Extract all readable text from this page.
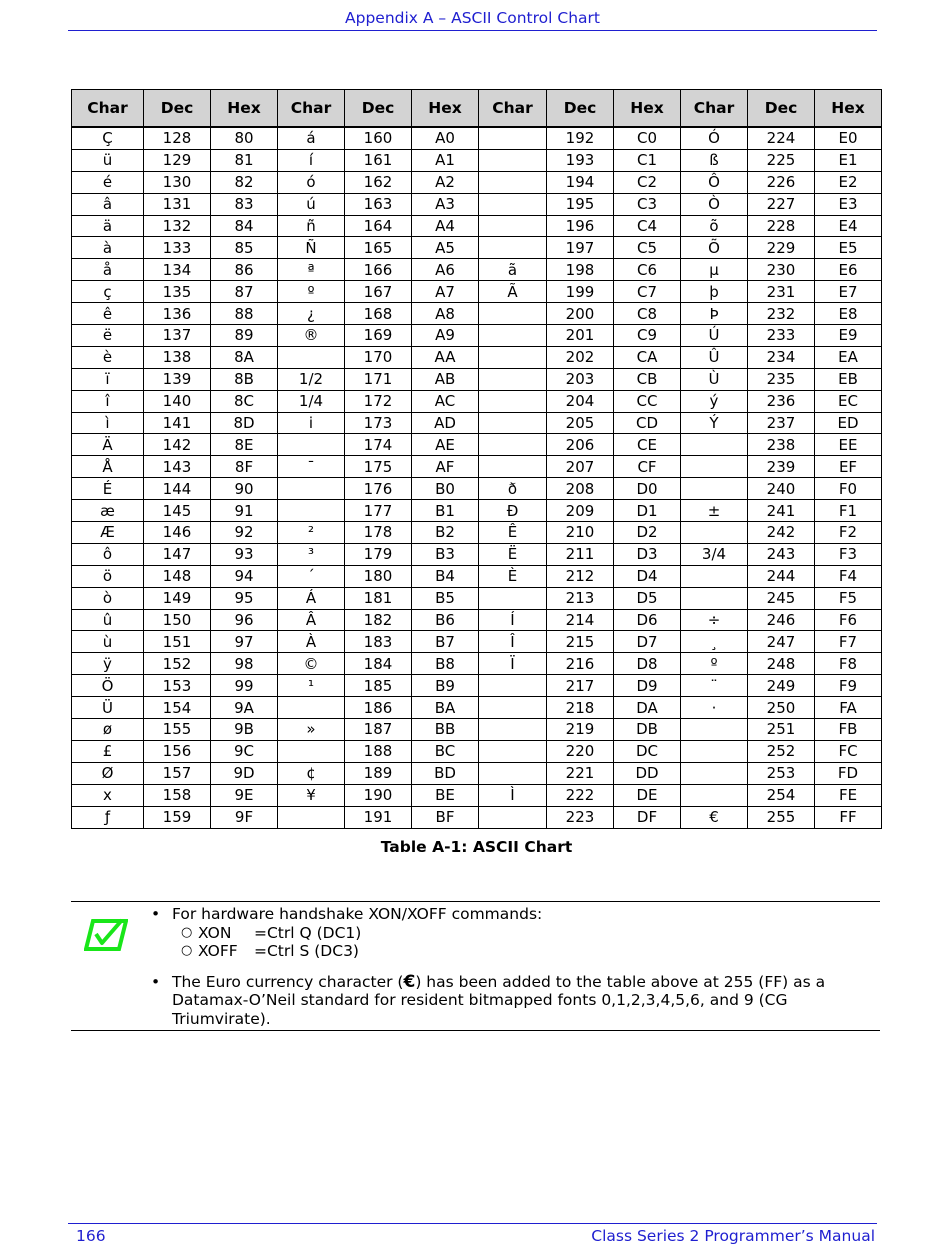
Appendix A – ASCII Control Chart
Char	Dec	Hex	Char	Dec	Hex	Char	Dec	Hex	Char	Dec	Hex
Ç	128	80	á	160	A0		192	C0	Ó	224	E0
ü	129	81	í	161	A1		193	C1	ß	225	E1
é	130	82	ó	162	A2		194	C2	Ô	226	E2
â	131	83	ú	163	A3		195	C3	Ò	227	E3
ä	132	84	ñ	164	A4		196	C4	õ	228	E4
à	133	85	Ñ	165	A5		197	C5	Õ	229	E5
å	134	86	ª	166	A6	ã	198	C6	µ	230	E6
ç	135	87	º	167	A7	Ã	199	C7	þ	231	E7
ê	136	88	¿	168	A8		200	C8	Þ	232	E8
ë	137	89	®	169	A9		201	C9	Ú	233	E9
è	138	8A		170	AA		202	CA	Û	234	EA
ï	139	8B	1/2	171	AB		203	CB	Ù	235	EB
î	140	8C	1/4	172	AC		204	CC	ý	236	EC
ì	141	8D	i	173	AD		205	CD	Ý	237	ED
Ä	142	8E		174	AE		206	CE		238	EE
Å	143	8F	¯	175	AF		207	CF		239	EF
É	144	90		176	B0	ð	208	D0		240	F0
æ	145	91		177	B1	Ð	209	D1	±	241	F1
Æ	146	92	²	178	B2	Ê	210	D2		242	F2
ô	147	93	³	179	B3	Ë	211	D3	3/4	243	F3
ö	148	94	´	180	B4	È	212	D4		244	F4
ò	149	95	Á	181	B5		213	D5		245	F5
û	150	96	Â	182	B6	Í	214	D6	÷	246	F6
ù	151	97	À	183	B7	Î	215	D7	¸	247	F7
ÿ	152	98	©	184	B8	Ï	216	D8	º	248	F8
Ö	153	99	¹	185	B9		217	D9	¨	249	F9
Ü	154	9A		186	BA		218	DA	·	250	FA
ø	155	9B	»	187	BB		219	DB		251	FB
£	156	9C		188	BC		220	DC		252	FC
Ø	157	9D	¢	189	BD		221	DD		253	FD
x	158	9E	¥	190	BE	Ì	222	DE		254	FE
ƒ	159	9F		191	BF		223	DF	€	255	FF
Table A-1: ASCII Chart
• For hardware handshake XON/XOFF commands:
○ XON =Ctrl Q (DC1)
○ XOFF =Ctrl S (DC3)
• The Euro currency character (€) has been added to the table above at 255 (FF) as a Datamax-O’Neil standard for resident bitmapped fonts 0,1,2,3,4,5,6, and 9 (CG Triumvirate).
166	Class Series 2 Programmer’s Manual
